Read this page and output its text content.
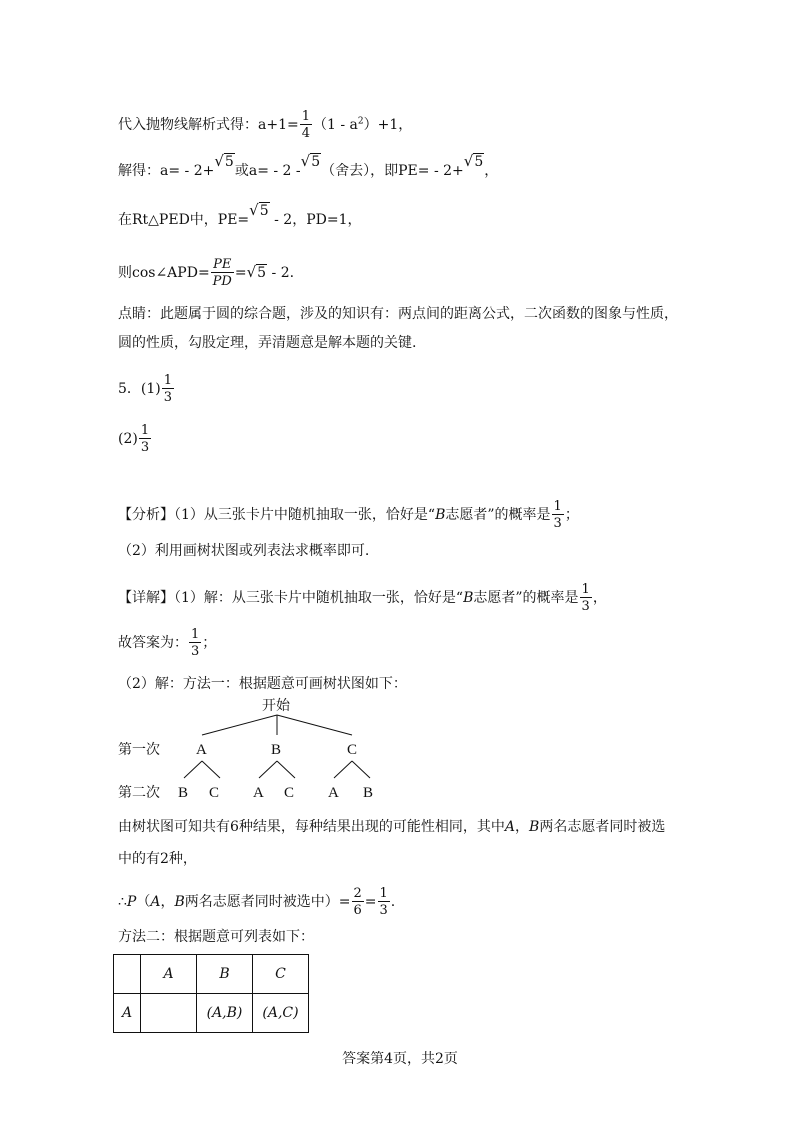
代入抛物线解析式得：$a+1= \frac{1}{4} (1 - a^2)+1$，
解得：a= - 2+√5或a= - 2 -√5（舍去），即PE= - 2+√5，
在Rt△PED中，PE=√5 - 2，PD=1，
则cos∠APD= $\frac{PE}{PD} =√5 - 2$.
点睛：此题属于圆的综合题，涉及的知识有：两点间的距离公式，二次函数的图象与性质，
圆的性质，勾股定理，弄清题意是解本题的关键.
5．$(1) \frac{1}{3}$
$(2) \frac{1}{3}$
【分析】（1）从三张卡片中随机抽取一张，恰好是“B志愿者”的概率是 $\frac{1}{3}$ ；
（2）利用画树状图或列表法求概率即可.
【详解】（1）解：从三张卡片中随机抽取一张，恰好是“B志愿者”的概率是 $\frac{1}{3}$ ，
故答案为： $\frac{1}{3}$ ；
（2）解：方法一：根据题意可画树状图如下：
开始
第一次 A	B	C
第二次 B C A C A B
由树状图可知共有6种结果，每种结果出现的可能性相同，其中A，B两名志愿者同时被选
中的有2种，
∴P（A，B两名志愿者同时被选中）= $\frac{2}{6} = \frac{1}{3}$ .
方法二：根据题意可列表如下：
	A	B	C
A		(A,B)	(A,C)
答案第4页，共2页
